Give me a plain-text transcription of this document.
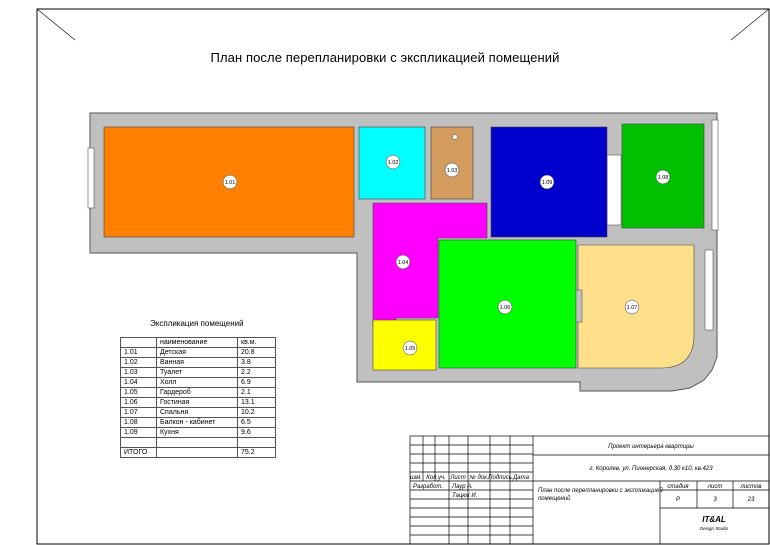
1.01
1.02
1.03
1.04
1.05
1.06	1.07
1.08
1.09
Проект интерьера квартиры
г. Королев, ул. Пионерская, д.30 к10, кв.423
изм. Кол.уч. Лист № док. Подпись Дата
Разработ. Лаур А.
Тацюк И.
План после перепланировки с экспликацией
помещений
стадия	лист	листов
Р	3	23
IT&AL
Design Studio
План после перепланировки с экспликацией помещений
Экспликация помещений
	наименование	кв.м.
1.01	Детская	20.8
1.02	Ванная	3.8
1.03	Туалет	2.2
1.04	Холл	6.9
1.05	Гардероб	2.1
1.06	Гостиная	13.1
1.07	Спальня	10.2
1.08	Балкон - кабинет	6.5
1.09	Кухня	9.6

ИТОГО		75.2
